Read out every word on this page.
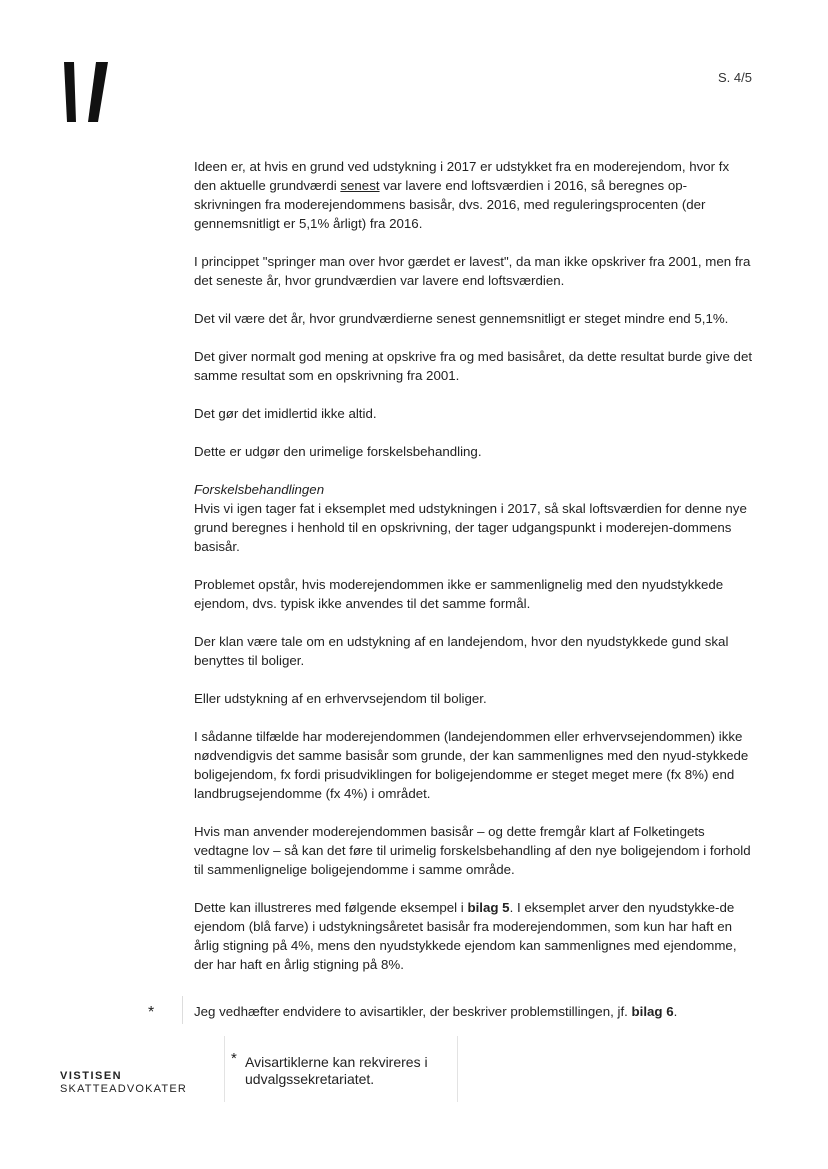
S. 4/5

Ideen er, at hvis en grund ved udstykning i 2017 er udstykket fra en moderejendom, hvor fx den aktuelle grundværdi senest var lavere end loftsværdien i 2016, så beregnes op-skrivningen fra moderejendommens basisår, dvs. 2016, med reguleringsprocenten (der gennemsnitligt er 5,1% årligt) fra 2016.

I princippet "springer man over hvor gærdet er lavest", da man ikke opskriver fra 2001, men fra det seneste år, hvor grundværdien var lavere end loftsværdien.

Det vil være det år, hvor grundværdierne senest gennemsnitligt er steget mindre end 5,1%.

Det giver normalt god mening at opskrive fra og med basisåret, da dette resultat burde give det samme resultat som en opskrivning fra 2001.

Det gør det imidlertid ikke altid.

Dette er udgør den urimelige forskelsbehandling.

Forskelsbehandlingen

Hvis vi igen tager fat i eksemplet med udstykningen i 2017, så skal loftsværdien for denne nye grund beregnes i henhold til en opskrivning, der tager udgangspunkt i moderejen-dommens basisår.

Problemet opstår, hvis moderejendommen ikke er sammenlignelig med den nyudstykkede ejendom, dvs. typisk ikke anvendes til det samme formål.

Der klan være tale om en udstykning af en landejendom, hvor den nyudstykkede gund skal benyttes til boliger.

Eller udstykning af en erhvervsejendom til boliger.

I sådanne tilfælde har moderejendommen (landejendommen eller erhvervsejendommen) ikke nødvendigvis det samme basisår som grunde, der kan sammenlignes med den nyud-stykkede boligejendom, fx fordi prisudviklingen for boligejendomme er steget meget mere (fx 8%) end landbrugsejendomme (fx 4%) i området.

Hvis man anvender moderejendommen basisår – og dette fremgår klart af Folketingets vedtagne lov – så kan det føre til urimelig forskelsbehandling af den nye boligejendom i forhold til sammenlignelige boligejendomme i samme område.

Dette kan illustreres med følgende eksempel i bilag 5. I eksemplet arver den nyudstykke-de ejendom (blå farve) i udstykningsåretet basisår fra moderejendommen, som kun har haft en årlig stigning på 4%, mens den nyudstykkede ejendom kan sammenlignes med ejendomme, der har haft en årlig stigning på 8%.

*	Jeg vedhæfter endvidere to avisartikler, der beskriver problemstillingen, jf. bilag 6.
VISTISEN
SKATTEADVOKATER
* Avisartiklerne kan rekvireres i
udvalgssekretariatet.
